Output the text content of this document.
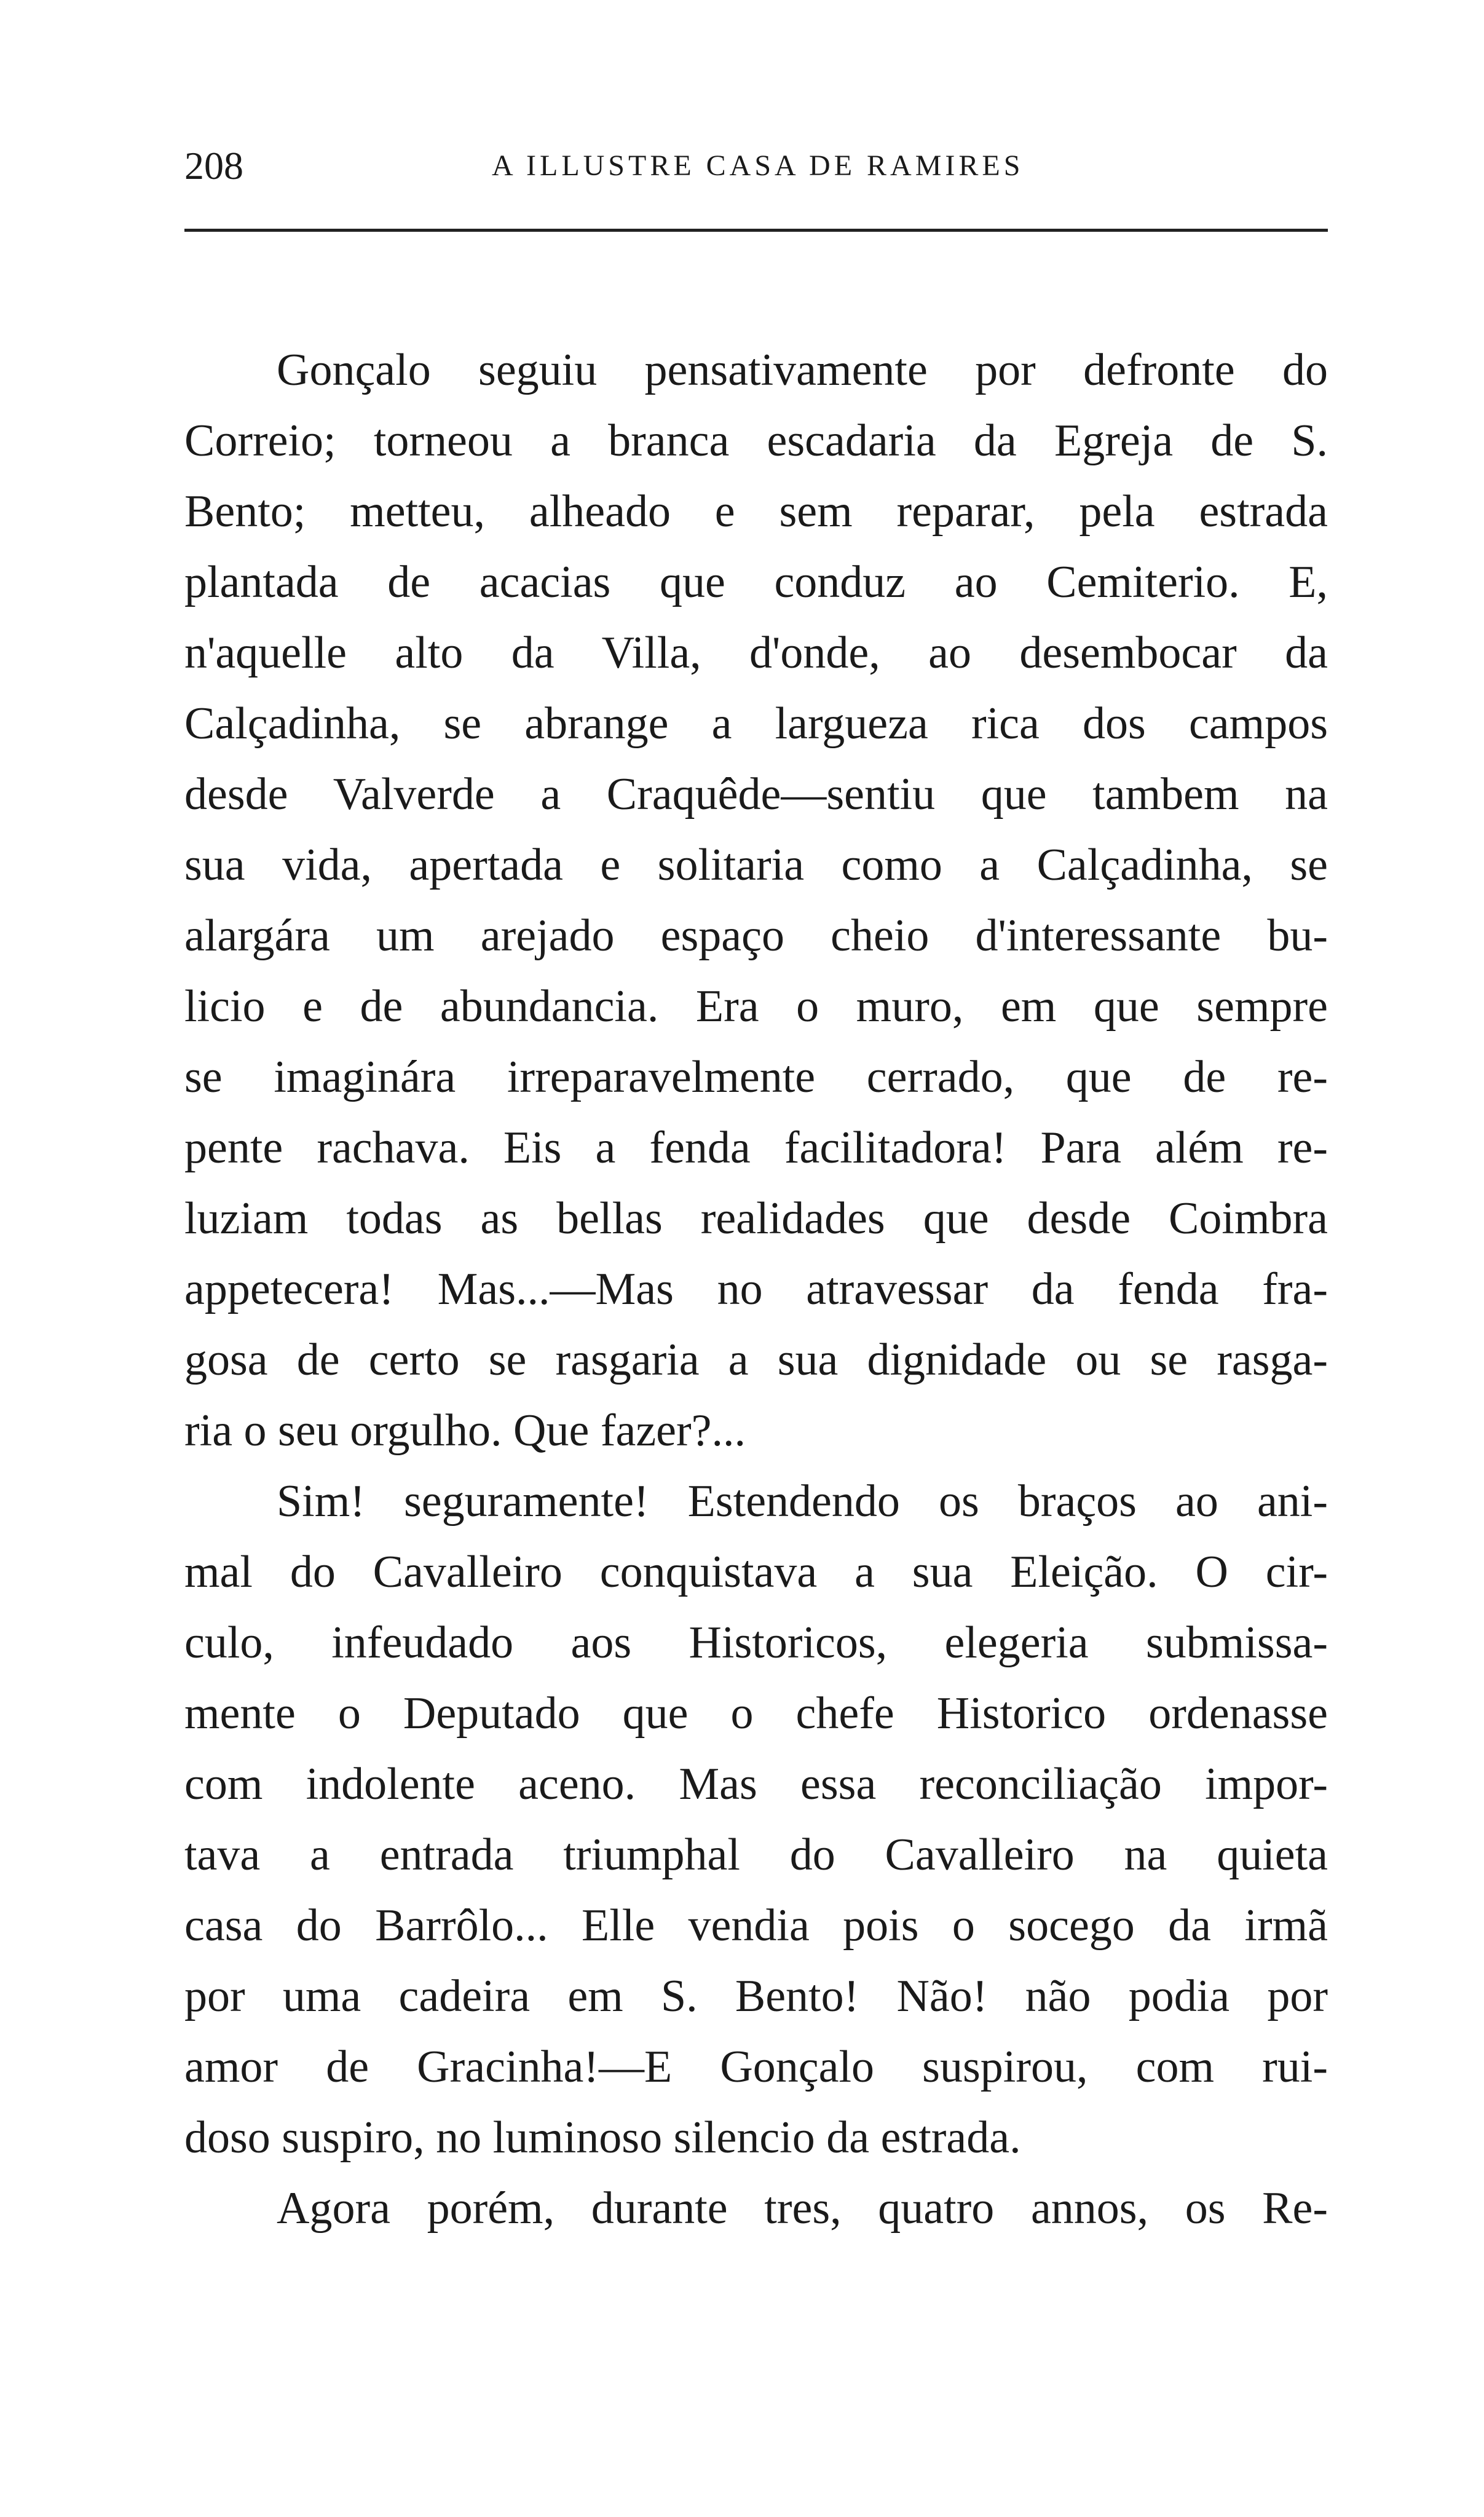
208	A ILLUSTRE CASA DE RAMIRES
Gonçalo seguiu pensativamente por defronte do
Correio; torneou a branca escadaria da Egreja de S.
Bento; metteu, alheado e sem reparar, pela estrada
plantada de acacias que conduz ao Cemiterio. E,
n'aquelle alto da Villa, d'onde, ao desembocar da
Calçadinha, se abrange a largueza rica dos campos
desde Valverde a Craquêde—sentiu que tambem na
sua vida, apertada e solitaria como a Calçadinha, se
alargára um arejado espaço cheio d'interessante bu-
licio e de abundancia. Era o muro, em que sempre
se imaginára irreparavelmente cerrado, que de re-
pente rachava. Eis a fenda facilitadora! Para além re-
luziam todas as bellas realidades que desde Coimbra
appetecera! Mas...—Mas no atravessar da fenda fra-
gosa de certo se rasgaria a sua dignidade ou se rasga-
ria o seu orgulho. Que fazer?...
Sim! seguramente! Estendendo os braços ao ani-
mal do Cavalleiro conquistava a sua Eleição. O cir-
culo, infeudado aos Historicos, elegeria submissa-
mente o Deputado que o chefe Historico ordenasse
com indolente aceno. Mas essa reconciliação impor-
tava a entrada triumphal do Cavalleiro na quieta
casa do Barrôlo... Elle vendia pois o socego da irmã
por uma cadeira em S. Bento! Não! não podia por
amor de Gracinha!—E Gonçalo suspirou, com rui-
doso suspiro, no luminoso silencio da estrada.
Agora porém, durante tres, quatro annos, os Re-
